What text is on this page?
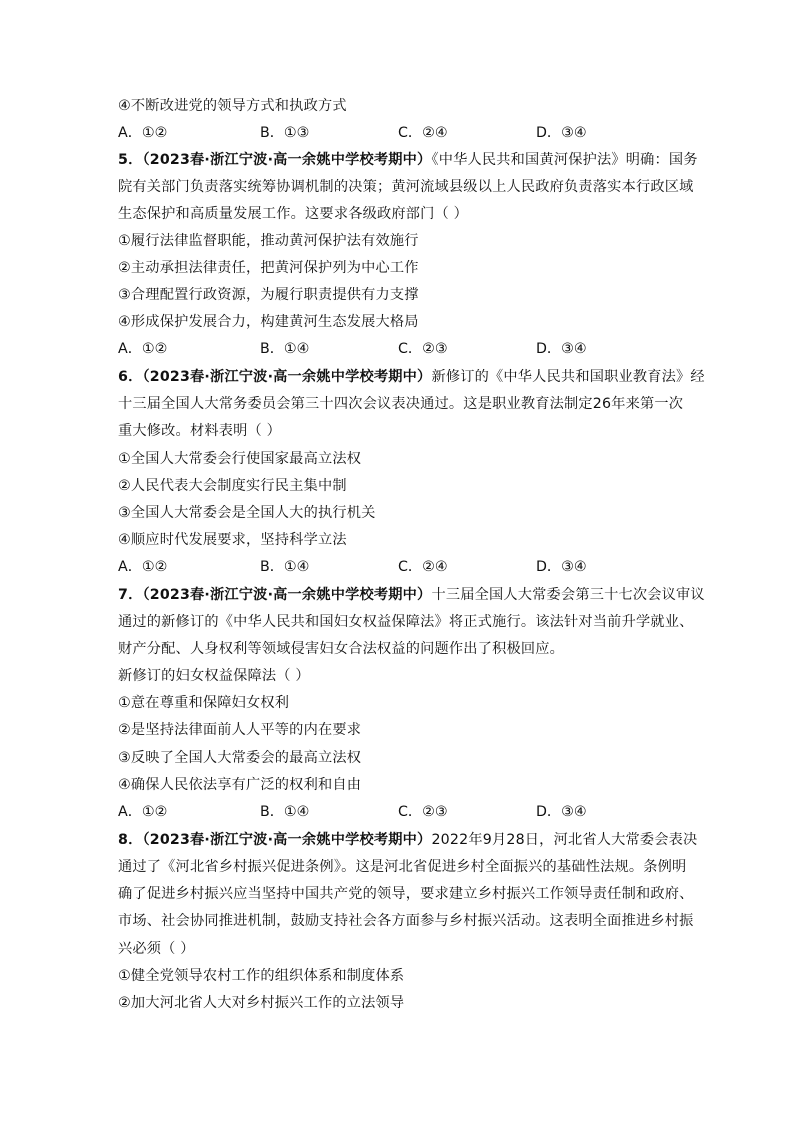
④不断改进党的领导方式和执政方式
A．①②	B．①③	C．②④	D．③④
5．（2023春·浙江宁波·高一余姚中学校考期中）《中华人民共和国黄河保护法》明确：国务
院有关部门负责落实统筹协调机制的决策；黄河流域县级以上人民政府负责落实本行政区域
生态保护和高质量发展工作。这要求各级政府部门（ ）
①履行法律监督职能，推动黄河保护法有效施行
②主动承担法律责任，把黄河保护列为中心工作
③合理配置行政资源，为履行职责提供有力支撑
④形成保护发展合力，构建黄河生态发展大格局
A．①②	B．①④	C．②③	D．③④
6．（2023春·浙江宁波·高一余姚中学校考期中）新修订的《中华人民共和国职业教育法》经
十三届全国人大常务委员会第三十四次会议表决通过。这是职业教育法制定26年来第一次
重大修改。材料表明（ ）
①全国人大常委会行使国家最高立法权
②人民代表大会制度实行民主集中制
③全国人大常委会是全国人大的执行机关
④顺应时代发展要求，坚持科学立法
A．①②	B．①④	C．②④	D．③④
7．（2023春·浙江宁波·高一余姚中学校考期中）十三届全国人大常委会第三十七次会议审议
通过的新修订的《中华人民共和国妇女权益保障法》将正式施行。该法针对当前升学就业、
财产分配、人身权利等领域侵害妇女合法权益的问题作出了积极回应。
新修订的妇女权益保障法（ ）
①意在尊重和保障妇女权利
②是坚持法律面前人人平等的内在要求
③反映了全国人大常委会的最高立法权
④确保人民依法享有广泛的权利和自由
A．①②	B．①④	C．②③	D．③④
8．（2023春·浙江宁波·高一余姚中学校考期中）2022年9月28日，河北省人大常委会表决
通过了《河北省乡村振兴促进条例》。这是河北省促进乡村全面振兴的基础性法规。条例明
确了促进乡村振兴应当坚持中国共产党的领导，要求建立乡村振兴工作领导责任制和政府、
市场、社会协同推进机制，鼓励支持社会各方面参与乡村振兴活动。这表明全面推进乡村振
兴必须（ ）
①健全党领导农村工作的组织体系和制度体系
②加大河北省人大对乡村振兴工作的立法领导
